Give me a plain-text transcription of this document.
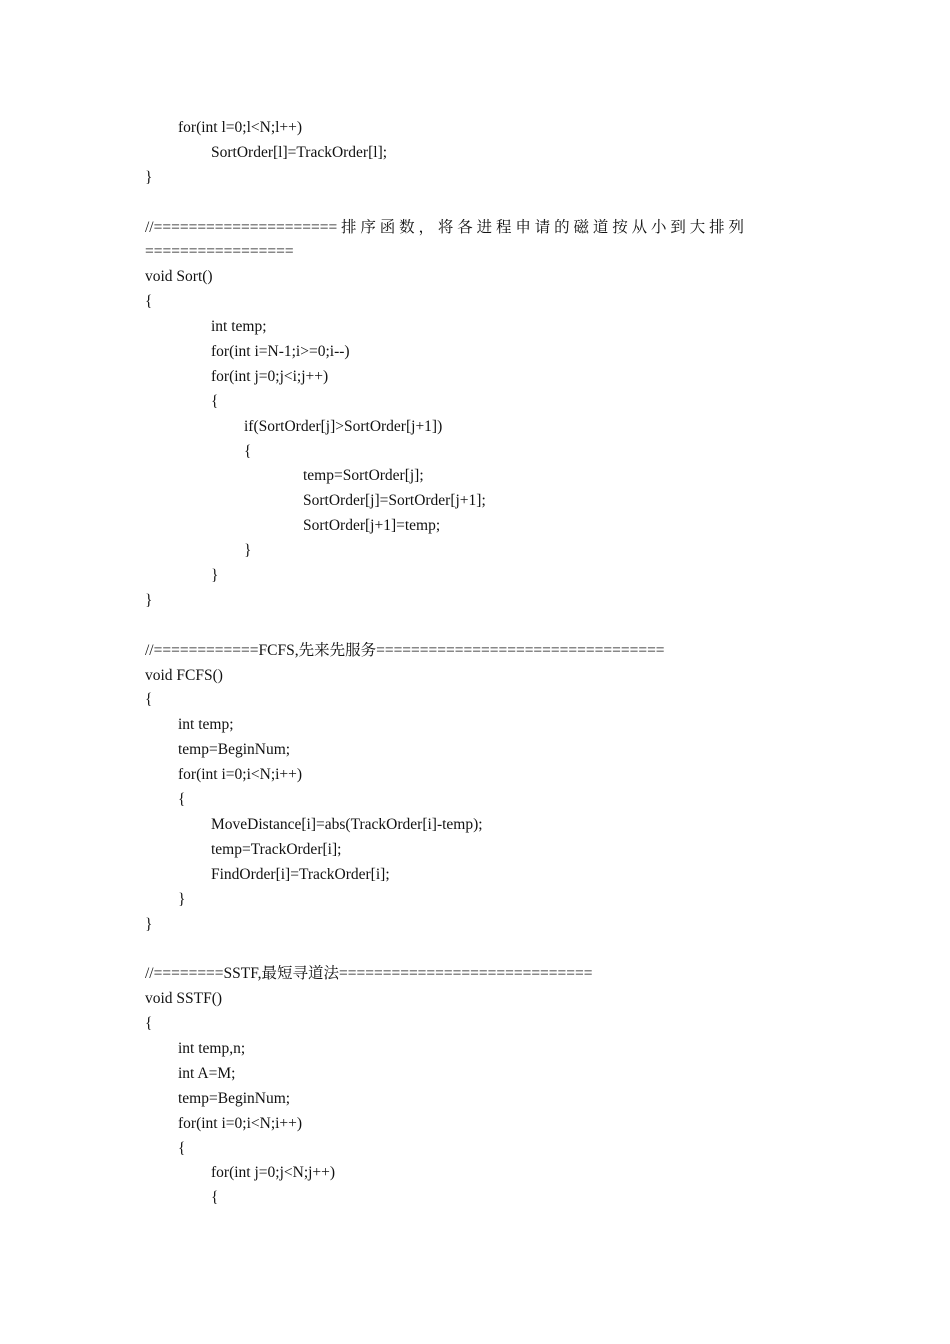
for(int l=0;l<N;l++)
SortOrder[l]=TrackOrder[l];
}
//===================== 排 序 函 数 ， 将 各 进 程 申 请 的 磁 道 按 从 小 到 大 排 列
=================
void Sort()
{
int temp;
for(int i=N-1;i>=0;i--)
for(int j=0;j<i;j++)
{
if(SortOrder[j]>SortOrder[j+1])
{
temp=SortOrder[j];
SortOrder[j]=SortOrder[j+1];
SortOrder[j+1]=temp;
}
}
}
//============FCFS,先来先服务=================================
void FCFS()
{
int temp;
temp=BeginNum;
for(int i=0;i<N;i++)
{
MoveDistance[i]=abs(TrackOrder[i]-temp);
temp=TrackOrder[i];
FindOrder[i]=TrackOrder[i];
}
}
//========SSTF,最短寻道法=============================
void SSTF()
{
int temp,n;
int A=M;
temp=BeginNum;
for(int i=0;i<N;i++)
{
for(int j=0;j<N;j++)
{
